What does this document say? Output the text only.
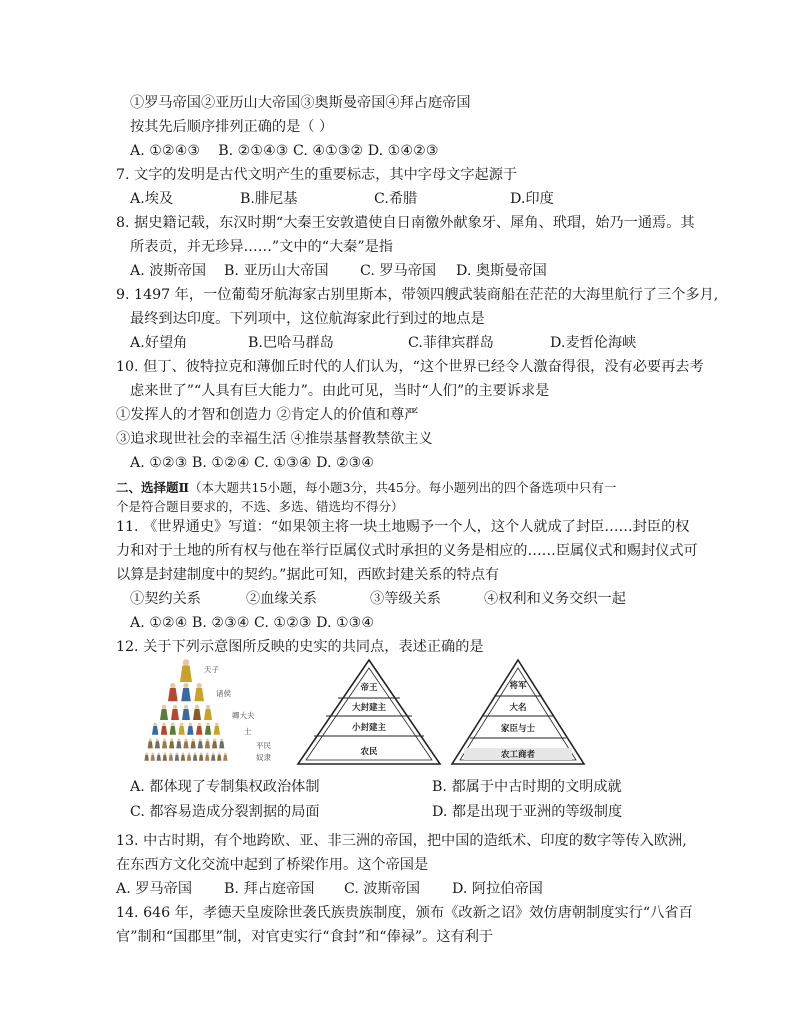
①罗马帝国②亚历山大帝国③奥斯曼帝国④拜占庭帝国
按其先后顺序排列正确的是（ ）
A. ①②④③ B. ②①④③ C. ④①③② D. ①④②③
7. 文字的发明是古代文明产生的重要标志，其中字母文字起源于
A.埃及	B.腓尼基	C.希腊	D.印度
8. 据史籍记载，东汉时期“大秦王安敦遣使自日南徼外献象牙、犀角、玳瑁，始乃一通焉。其
所表贡，并无珍异……”文中的“大秦”是指
A. 波斯帝国 B. 亚历山大帝国 C. 罗马帝国 D. 奥斯曼帝国
9. 1497 年，一位葡萄牙航海家古别里斯本，带领四艘武装商船在茫茫的大海里航行了三个多月,
最终到达印度。下列项中，这位航海家此行到过的地点是
A.好望角	B.巴哈马群岛	C.菲律宾群岛	D.麦哲伦海峡
10. 但丁、彼特拉克和薄伽丘时代的人们认为，“这个世界已经令人激奋得很，没有必要再去考
虑来世了”“人具有巨大能力”。由此可见，当时“人们”的主要诉求是
①发挥人的才智和创造力 ②肯定人的价值和尊严
③追求现世社会的幸福生活 ④推崇基督教禁欲主义
A. ①②③ B. ①②④ C. ①③④ D. ②③④
二、选择题Ⅱ（本大题共15小题，每小题3分，共45分。每小题列出的四个备选项中只有一
个是符合题目要求的，不选、多选、错选均不得分）
11. 《世界通史》写道：“如果领主将一块土地赐予一个人，这个人就成了封臣……封臣的权
力和对于土地的所有权与他在举行臣属仪式时承担的义务是相应的……臣属仪式和赐封仪式可
以算是封建制度中的契约。”据此可知，西欧封建关系的特点有
①契约关系	②血缘关系	③等级关系	④权利和义务交织一起
A. ①②④ B. ②③④ C. ①②③ D. ①③④
12. 关于下列示意图所反映的史实的共同点，表述正确的是
天子
诸侯
卿大夫
士
平民
奴隶
帝王
大封建主
小封建主
农民
将军
大名
家臣与士
农工商者
A. 都体现了专制集权政治体制	B. 都属于中古时期的文明成就
C. 都容易造成分裂割据的局面	D. 都是出现于亚洲的等级制度
13. 中古时期，有个地跨欧、亚、非三洲的帝国，把中国的造纸术、印度的数字等传入欧洲,
在东西方文化交流中起到了桥梁作用。这个帝国是
A. 罗马帝国 B. 拜占庭帝国 C. 波斯帝国 D. 阿拉伯帝国
14. 646 年，孝德天皇废除世袭氏族贵族制度，颁布《改新之诏》效仿唐朝制度实行“八省百
官”制和“国郡里”制，对官吏实行“食封”和“俸禄”。这有利于
